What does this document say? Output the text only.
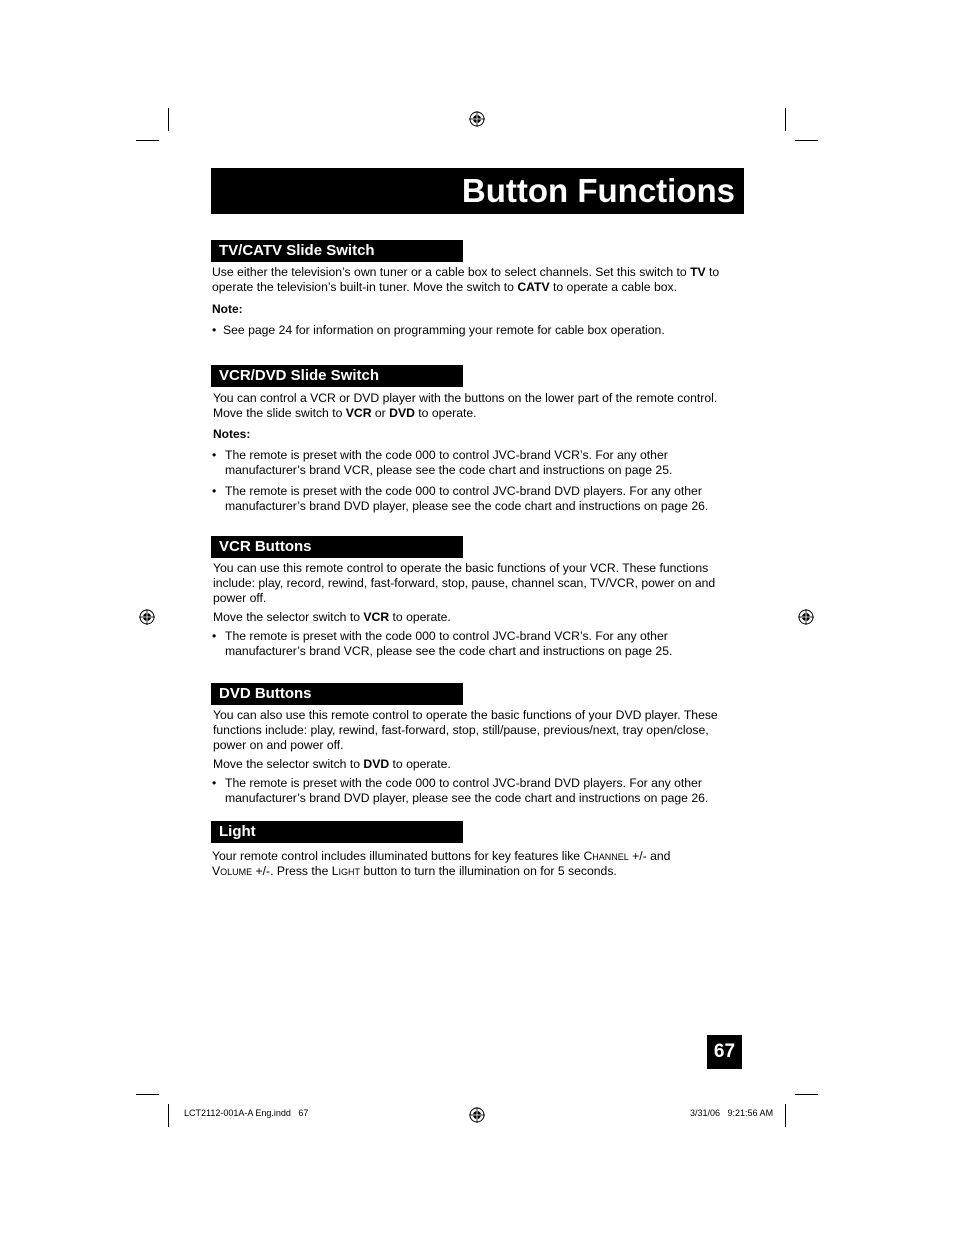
Button Functions
TV/CATV Slide Switch
Use either the television’s own tuner or a cable box to select channels. Set this switch to TV to operate the television’s built-in tuner. Move the switch to CATV to operate a cable box.
Note:
• See page 24 for information on programming your remote for cable box operation.
VCR/DVD Slide Switch
You can control a VCR or DVD player with the buttons on the lower part of the remote control. Move the slide switch to VCR or DVD to operate.
Notes:
• The remote is preset with the code 000 to control JVC-brand VCR’s. For any other manufacturer’s brand VCR, please see the code chart and instructions on page 25.
• The remote is preset with the code 000 to control JVC-brand DVD players. For any other manufacturer’s brand DVD player, please see the code chart and instructions on page 26.
VCR Buttons
You can use this remote control to operate the basic functions of your VCR. These functions include: play, record, rewind, fast-forward, stop, pause, channel scan, TV/VCR, power on and power off.
Move the selector switch to VCR to operate.
• The remote is preset with the code 000 to control JVC-brand VCR’s. For any other manufacturer’s brand VCR, please see the code chart and instructions on page 25.
DVD Buttons
You can also use this remote control to operate the basic functions of your DVD player. These functions include: play, rewind, fast-forward, stop, still/pause, previous/next, tray open/close, power on and power off.
Move the selector switch to DVD to operate.
• The remote is preset with the code 000 to control JVC-brand DVD players. For any other manufacturer’s brand DVD player, please see the code chart and instructions on page 26.
Light
Your remote control includes illuminated buttons for key features like Channel +/- and Volume +/-. Press the Light button to turn the illumination on for 5 seconds.
67
LCT2112-001A-A Eng.indd   67	3/31/06   9:21:56 AM
